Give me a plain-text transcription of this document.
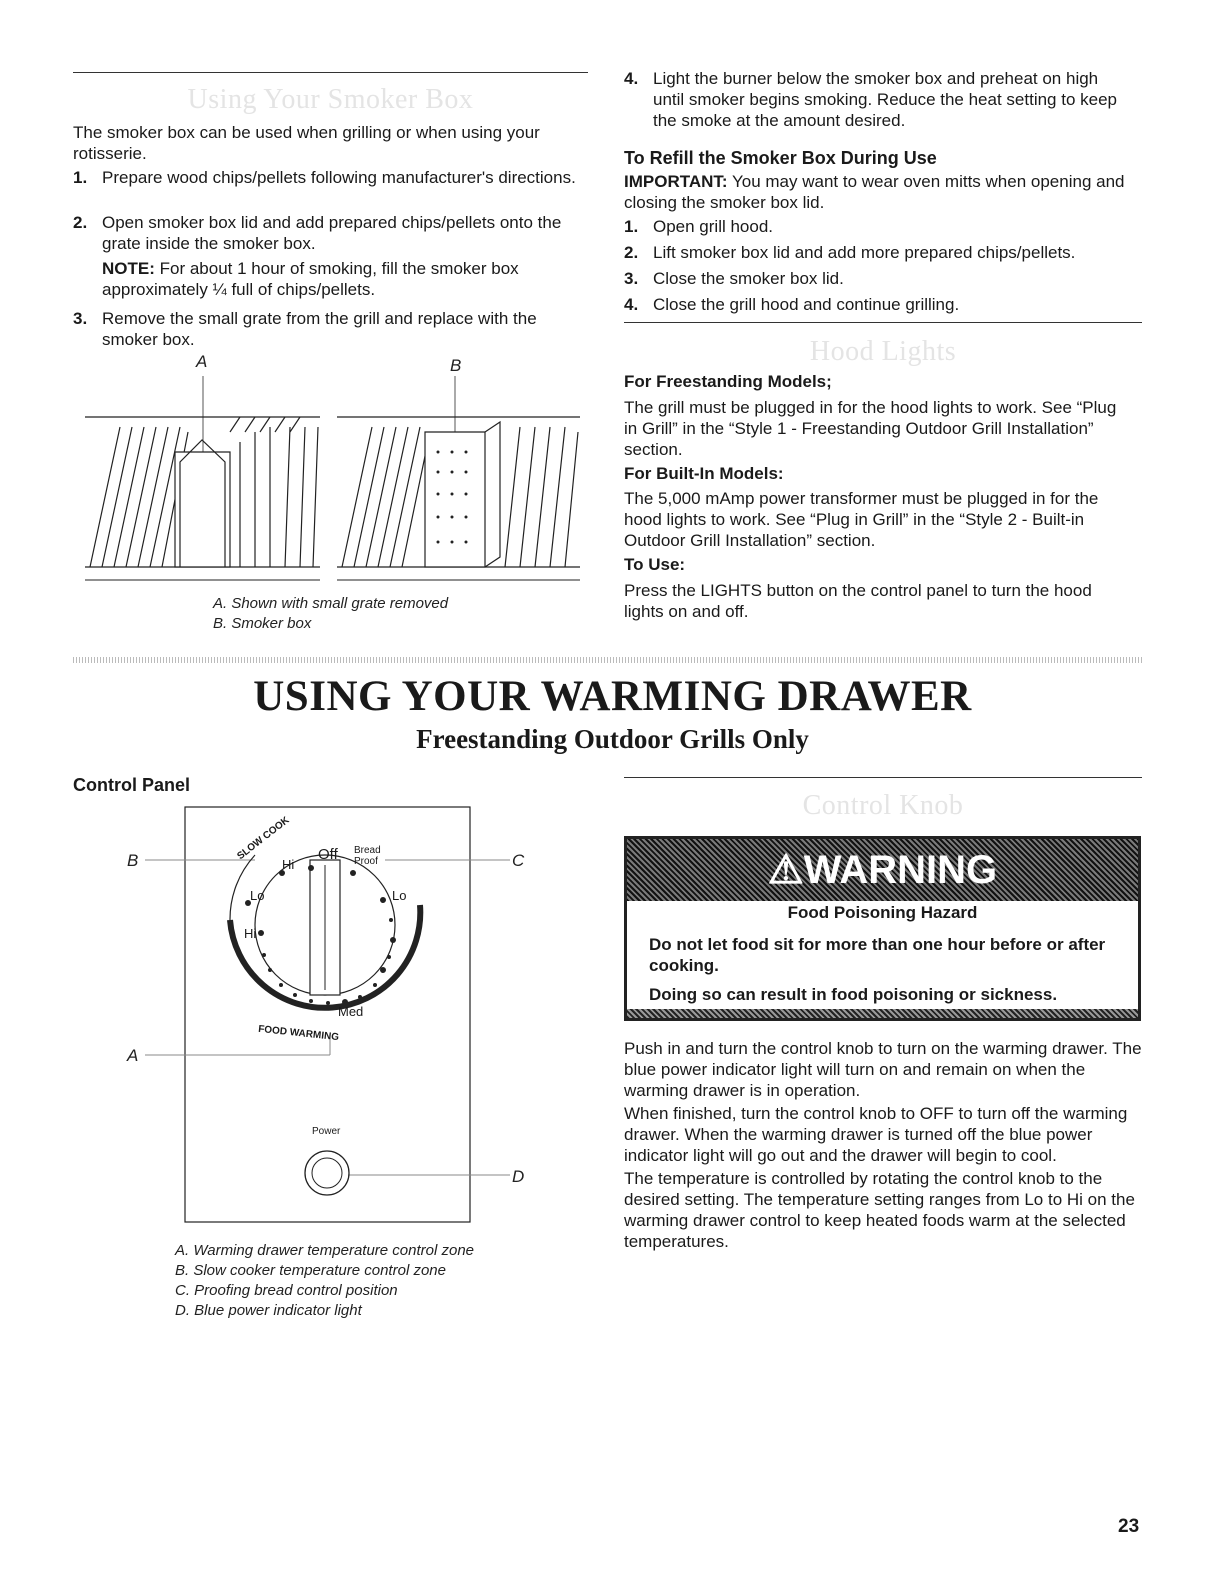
Using Your Smoker Box
The smoker box can be used when grilling or when using your rotisserie.
1. Prepare wood chips/pellets following manufacturer's directions.
2. Open smoker box lid and add prepared chips/pellets onto the grate inside the smoker box.
NOTE: For about 1 hour of smoking, fill the smoker box approximately ¼ full of chips/pellets.
3. Remove the small grate from the grill and replace with the smoker box.
A	B
A. Shown with small grate removed
B. Smoker box
4. Light the burner below the smoker box and preheat on high until smoker begins smoking. Reduce the heat setting to keep the smoke at the amount desired.
To Refill the Smoker Box During Use
IMPORTANT: You may want to wear oven mitts when opening and closing the smoker box lid.
1. Open grill hood.
2. Lift smoker box lid and add more prepared chips/pellets.
3. Close the smoker box lid.
4. Close the grill hood and continue grilling.
Hood Lights
For Freestanding Models;
The grill must be plugged in for the hood lights to work. See “Plug in Grill” in the “Style 1 - Freestanding Outdoor Grill Installation” section.
For Built-In Models:
The 5,000 mAmp power transformer must be plugged in for the hood lights to work. See “Plug in Grill” in the “Style 2 - Built-in Outdoor Grill Installation” section.
To Use:
Press the LIGHTS button on the control panel to turn the hood lights on and off.
USING YOUR WARMING DRAWER
Freestanding Outdoor Grills Only
Control Panel
B	C
A
D
SLOW COOK Off Bread
Proof
Hi
Lo	Lo
Hi
Med
FOOD WARMING
Power
A. Warming drawer temperature control zone
B. Slow cooker temperature control zone
C. Proofing bread control position
D. Blue power indicator light
Control Knob
⚠WARNING
Food Poisoning Hazard
Do not let food sit for more than one hour before or after cooking.
Doing so can result in food poisoning or sickness.
Push in and turn the control knob to turn on the warming drawer. The blue power indicator light will turn on and remain on when the warming drawer is in operation.
When finished, turn the control knob to OFF to turn off the warming drawer. When the warming drawer is turned off the blue power indicator light will go out and the drawer will begin to cool.
The temperature is controlled by rotating the control knob to the desired setting. The temperature setting ranges from Lo to Hi on the warming drawer control to keep heated foods warm at the selected temperatures.
23
